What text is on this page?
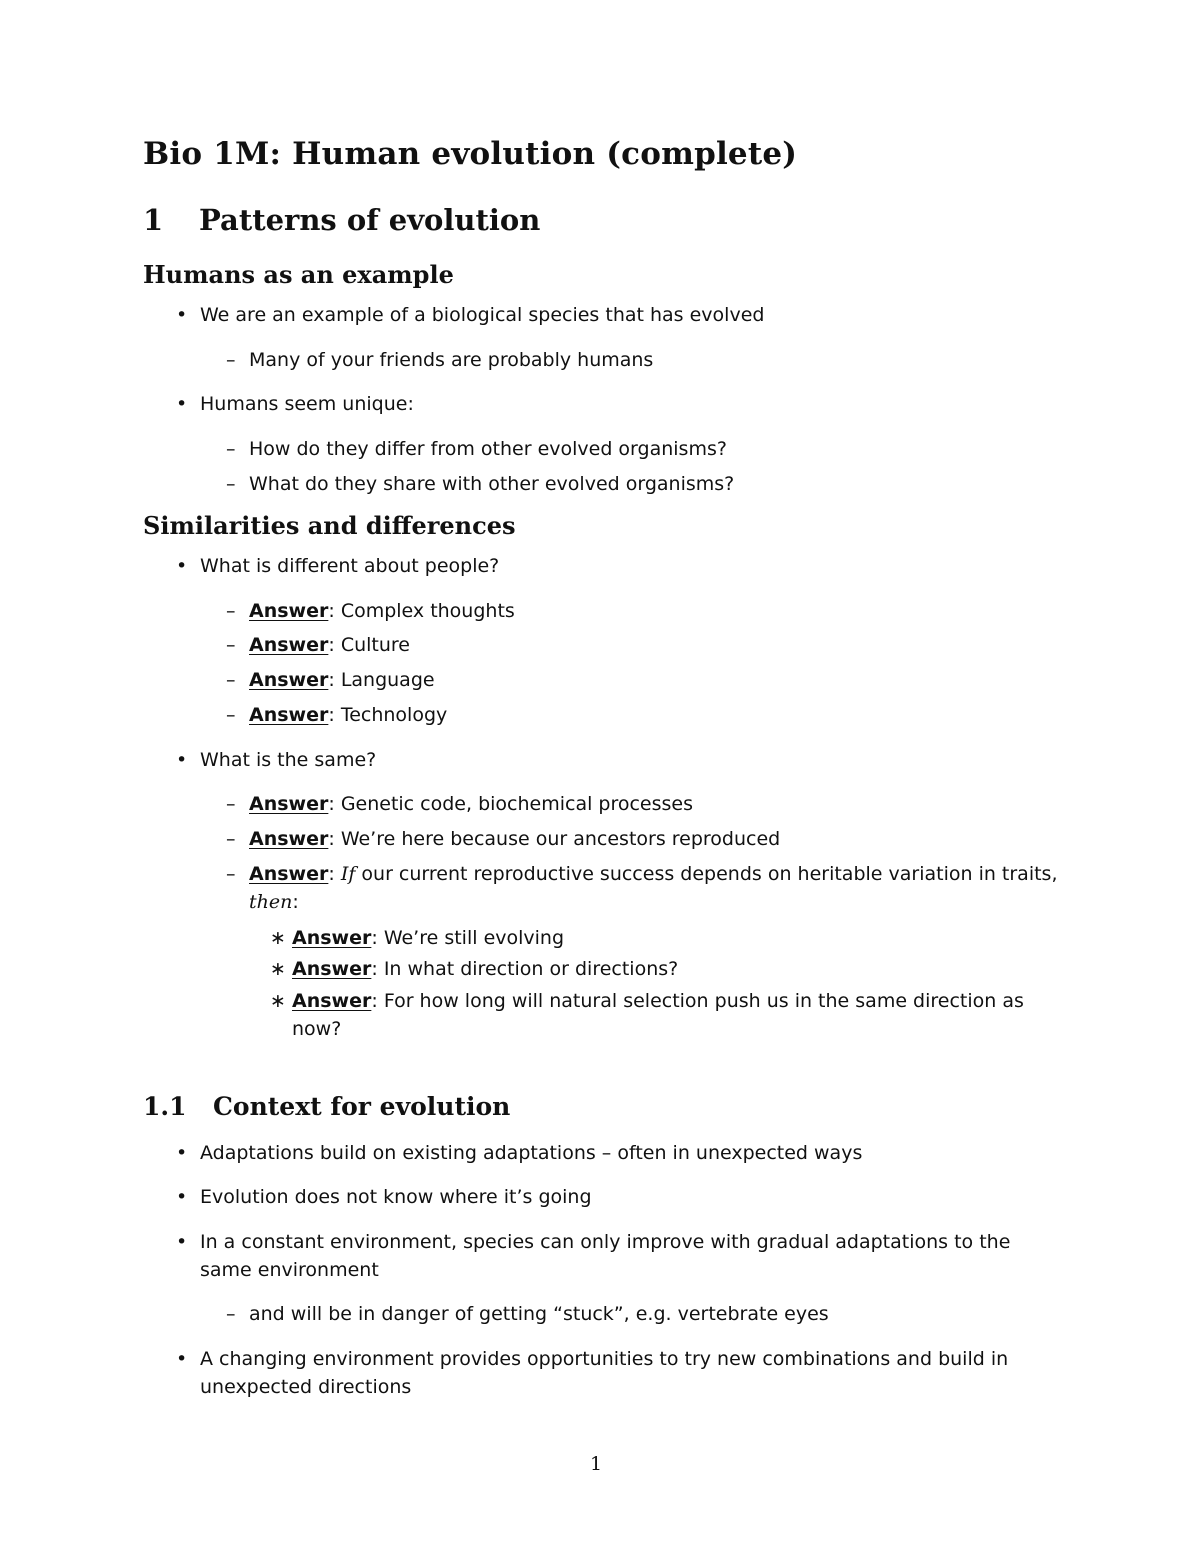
Bio 1M: Human evolution (complete)
1 Patterns of evolution
Humans as an example
• We are an example of a biological species that has evolved
– Many of your friends are probably humans
• Humans seem unique:
– How do they differ from other evolved organisms?
– What do they share with other evolved organisms?
Similarities and differences
• What is different about people?
– Answer: Complex thoughts
– Answer: Culture
– Answer: Language
– Answer: Technology
• What is the same?
– Answer: Genetic code, biochemical processes
– Answer: We’re here because our ancestors reproduced
– Answer: If our current reproductive success depends on heritable variation in traits, then:
∗ Answer: We’re still evolving
∗ Answer: In what direction or directions?
∗ Answer: For how long will natural selection push us in the same direction as now?
1.1 Context for evolution
• Adaptations build on existing adaptations – often in unexpected ways
• Evolution does not know where it’s going
• In a constant environment, species can only improve with gradual adaptations to the same environment
– and will be in danger of getting “stuck”, e.g. vertebrate eyes
• A changing environment provides opportunities to try new combinations and build in unexpected directions
1
